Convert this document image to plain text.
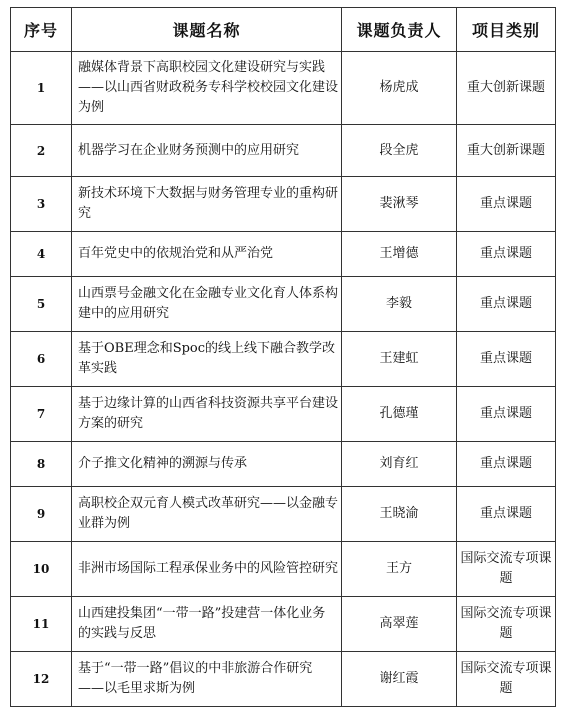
序号	课题名称	课题负责人	项目类别
1	融媒体背景下高职校园文化建设研究与实践——以山西省财政税务专科学校校园文化建设为例	杨虎成	重大创新课题
2	机器学习在企业财务预测中的应用研究	段全虎	重大创新课题
3	新技术环境下大数据与财务管理专业的重构研究	裴湫琴	重点课题
4	百年党史中的依规治党和从严治党	王增德	重点课题
5	山西票号金融文化在金融专业文化育人体系构建中的应用研究	李毅	重点课题
6	基于OBE理念和Spoc的线上线下融合教学改革实践	王建虹	重点课题
7	基于边缘计算的山西省科技资源共享平台建设方案的研究	孔德瑾	重点课题
8	介子推文化精神的溯源与传承	刘育红	重点课题
9	高职校企双元育人模式改革研究——以金融专业群为例	王晓渝	重点课题
10	非洲市场国际工程承保业务中的风险管控研究	王方	国际交流专项课题
11	山西建投集团“一带一路”投建营一体化业务的实践与反思	高翠莲	国际交流专项课题
12	基于“一带一路”倡议的中非旅游合作研究——以毛里求斯为例	谢红霞	国际交流专项课题
